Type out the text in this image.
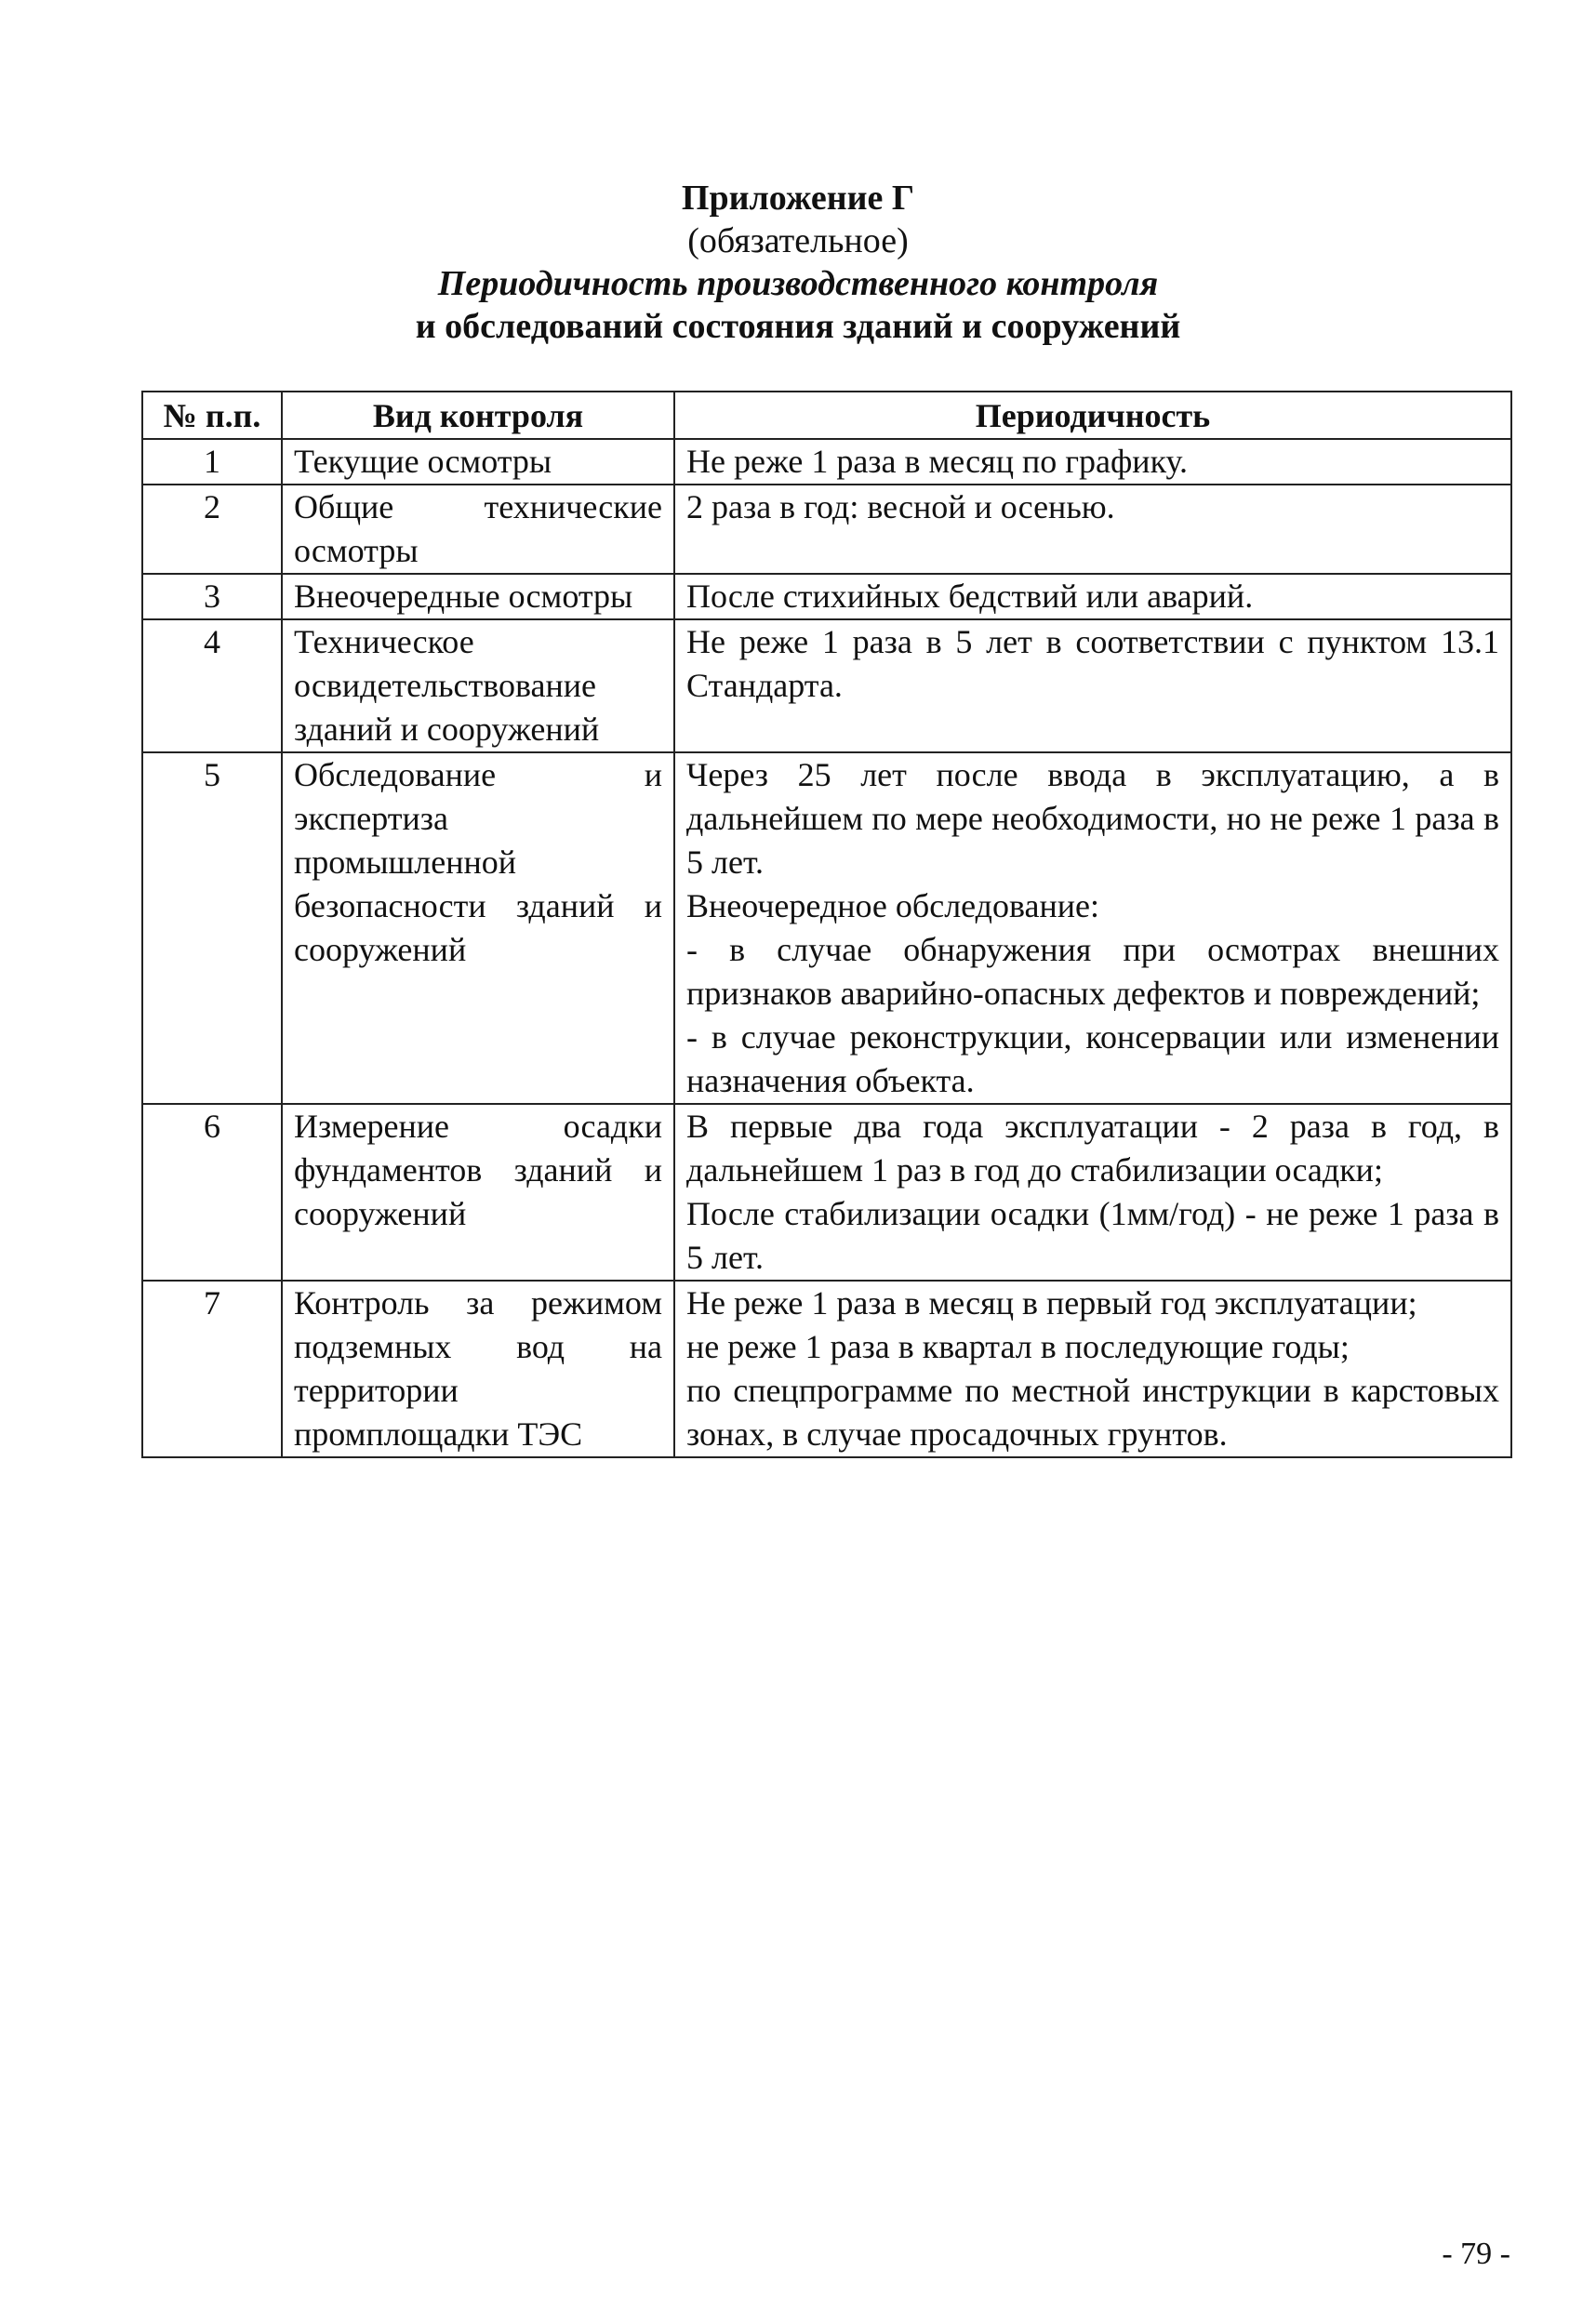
Приложение Г
(обязательное)
Периодичность производственного контроля
и обследований состояния зданий и сооружений
№ п.п.	Вид контроля	Периодичность
1	Текущие осмотры	Не реже 1 раза в месяц по графику.

2	Общие технические осмотры	2 раза в год: весной и осенью.

3	Внеочередные осмотры	После стихийных бедствий или аварий.

4	Техническое освидетельствование зданий и сооружений	Не реже 1 раза в 5 лет в соответствии с пунктом 13.1 Стандарта.

5	Обследование и экспертиза промышленной безопасности зданий и сооружений	Через 25 лет после ввода в эксплуатацию, а в дальнейшем по мере необходимости, но не реже 1 раза в 5 лет.
Внеочередное обследование:
- в случае обнаружения при осмотрах внешних признаков аварийно-опасных дефектов и повреждений;
- в случае реконструкции, консервации или изменении назначения объекта.

6	Измерение осадки фундаментов зданий и сооружений	В первые два года эксплуатации - 2 раза в год, в дальнейшем 1 раз в год до стабилизации осадки;
После стабилизации осадки (1мм/год) - не реже 1 раза в 5 лет.

7	Контроль за режимом подземных вод на территории промплощадки ТЭС	Не реже 1 раза в месяц в первый год эксплуатации;
не реже 1 раза в квартал в последующие годы;
по спецпрограмме по местной инструкции в карстовых зонах, в случае просадочных грунтов.
- 79 -
